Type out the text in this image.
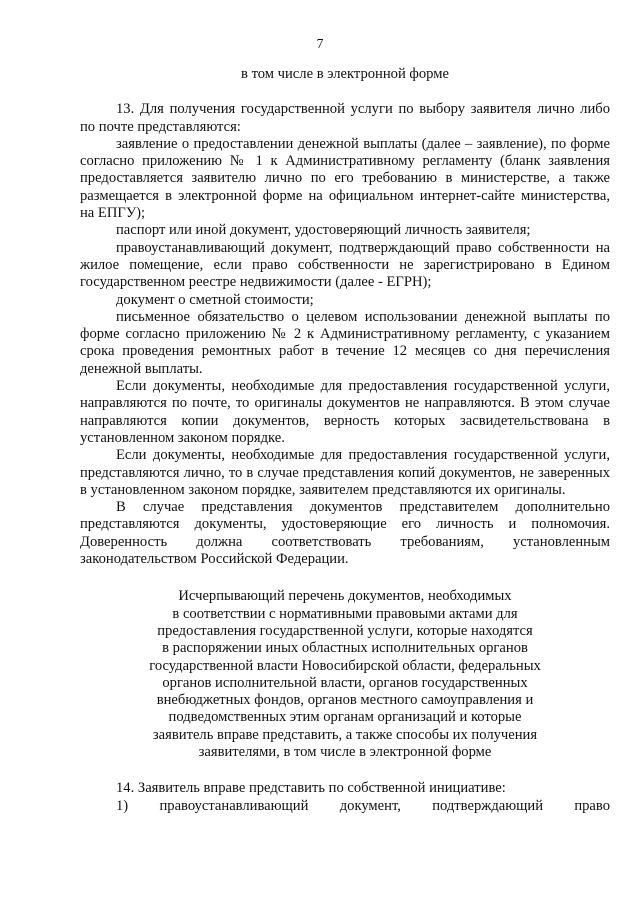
7

в том числе в электронной форме

13. Для получения государственной услуги по выбору заявителя лично либо по почте представляются:

заявление о предоставлении денежной выплаты (далее – заявление), по форме согласно приложению № 1 к Административному регламенту (бланк заявления предоставляется заявителю лично по его требованию в министерстве, а также размещается в электронной форме на официальном интернет-сайте министерства, на ЕПГУ);

паспорт или иной документ, удостоверяющий личность заявителя;

правоустанавливающий документ, подтверждающий право собственности на жилое помещение, если право собственности не зарегистрировано в Едином государственном реестре недвижимости (далее - ЕГРН);

документ о сметной стоимости;

письменное обязательство о целевом использовании денежной выплаты по форме согласно приложению № 2 к Административному регламенту, с указанием срока проведения ремонтных работ в течение 12 месяцев со дня перечисления денежной выплаты.

Если документы, необходимые для предоставления государственной услуги, направляются по почте, то оригиналы документов не направляются. В этом случае направляются копии документов, верность которых засвидетельствована в установленном законом порядке.

Если документы, необходимые для предоставления государственной услуги, представляются лично, то в случае представления копий документов, не заверенных в установленном законом порядке, заявителем представляются их оригиналы.

В случае представления документов представителем дополнительно представляются документы, удостоверяющие его личность и полномочия. Доверенность должна соответствовать требованиям, установленным законодательством Российской Федерации.

Исчерпывающий перечень документов, необходимых
в соответствии с нормативными правовыми актами для
предоставления государственной услуги, которые находятся
в распоряжении иных областных исполнительных органов
государственной власти Новосибирской области, федеральных
органов исполнительной власти, органов государственных
внебюджетных фондов, органов местного самоуправления и
подведомственных этим органам организаций и которые
заявитель вправе представить, а также способы их получения
заявителями, в том числе в электронной форме

14. Заявитель вправе представить по собственной инициативе:

1) правоустанавливающий документ, подтверждающий право
